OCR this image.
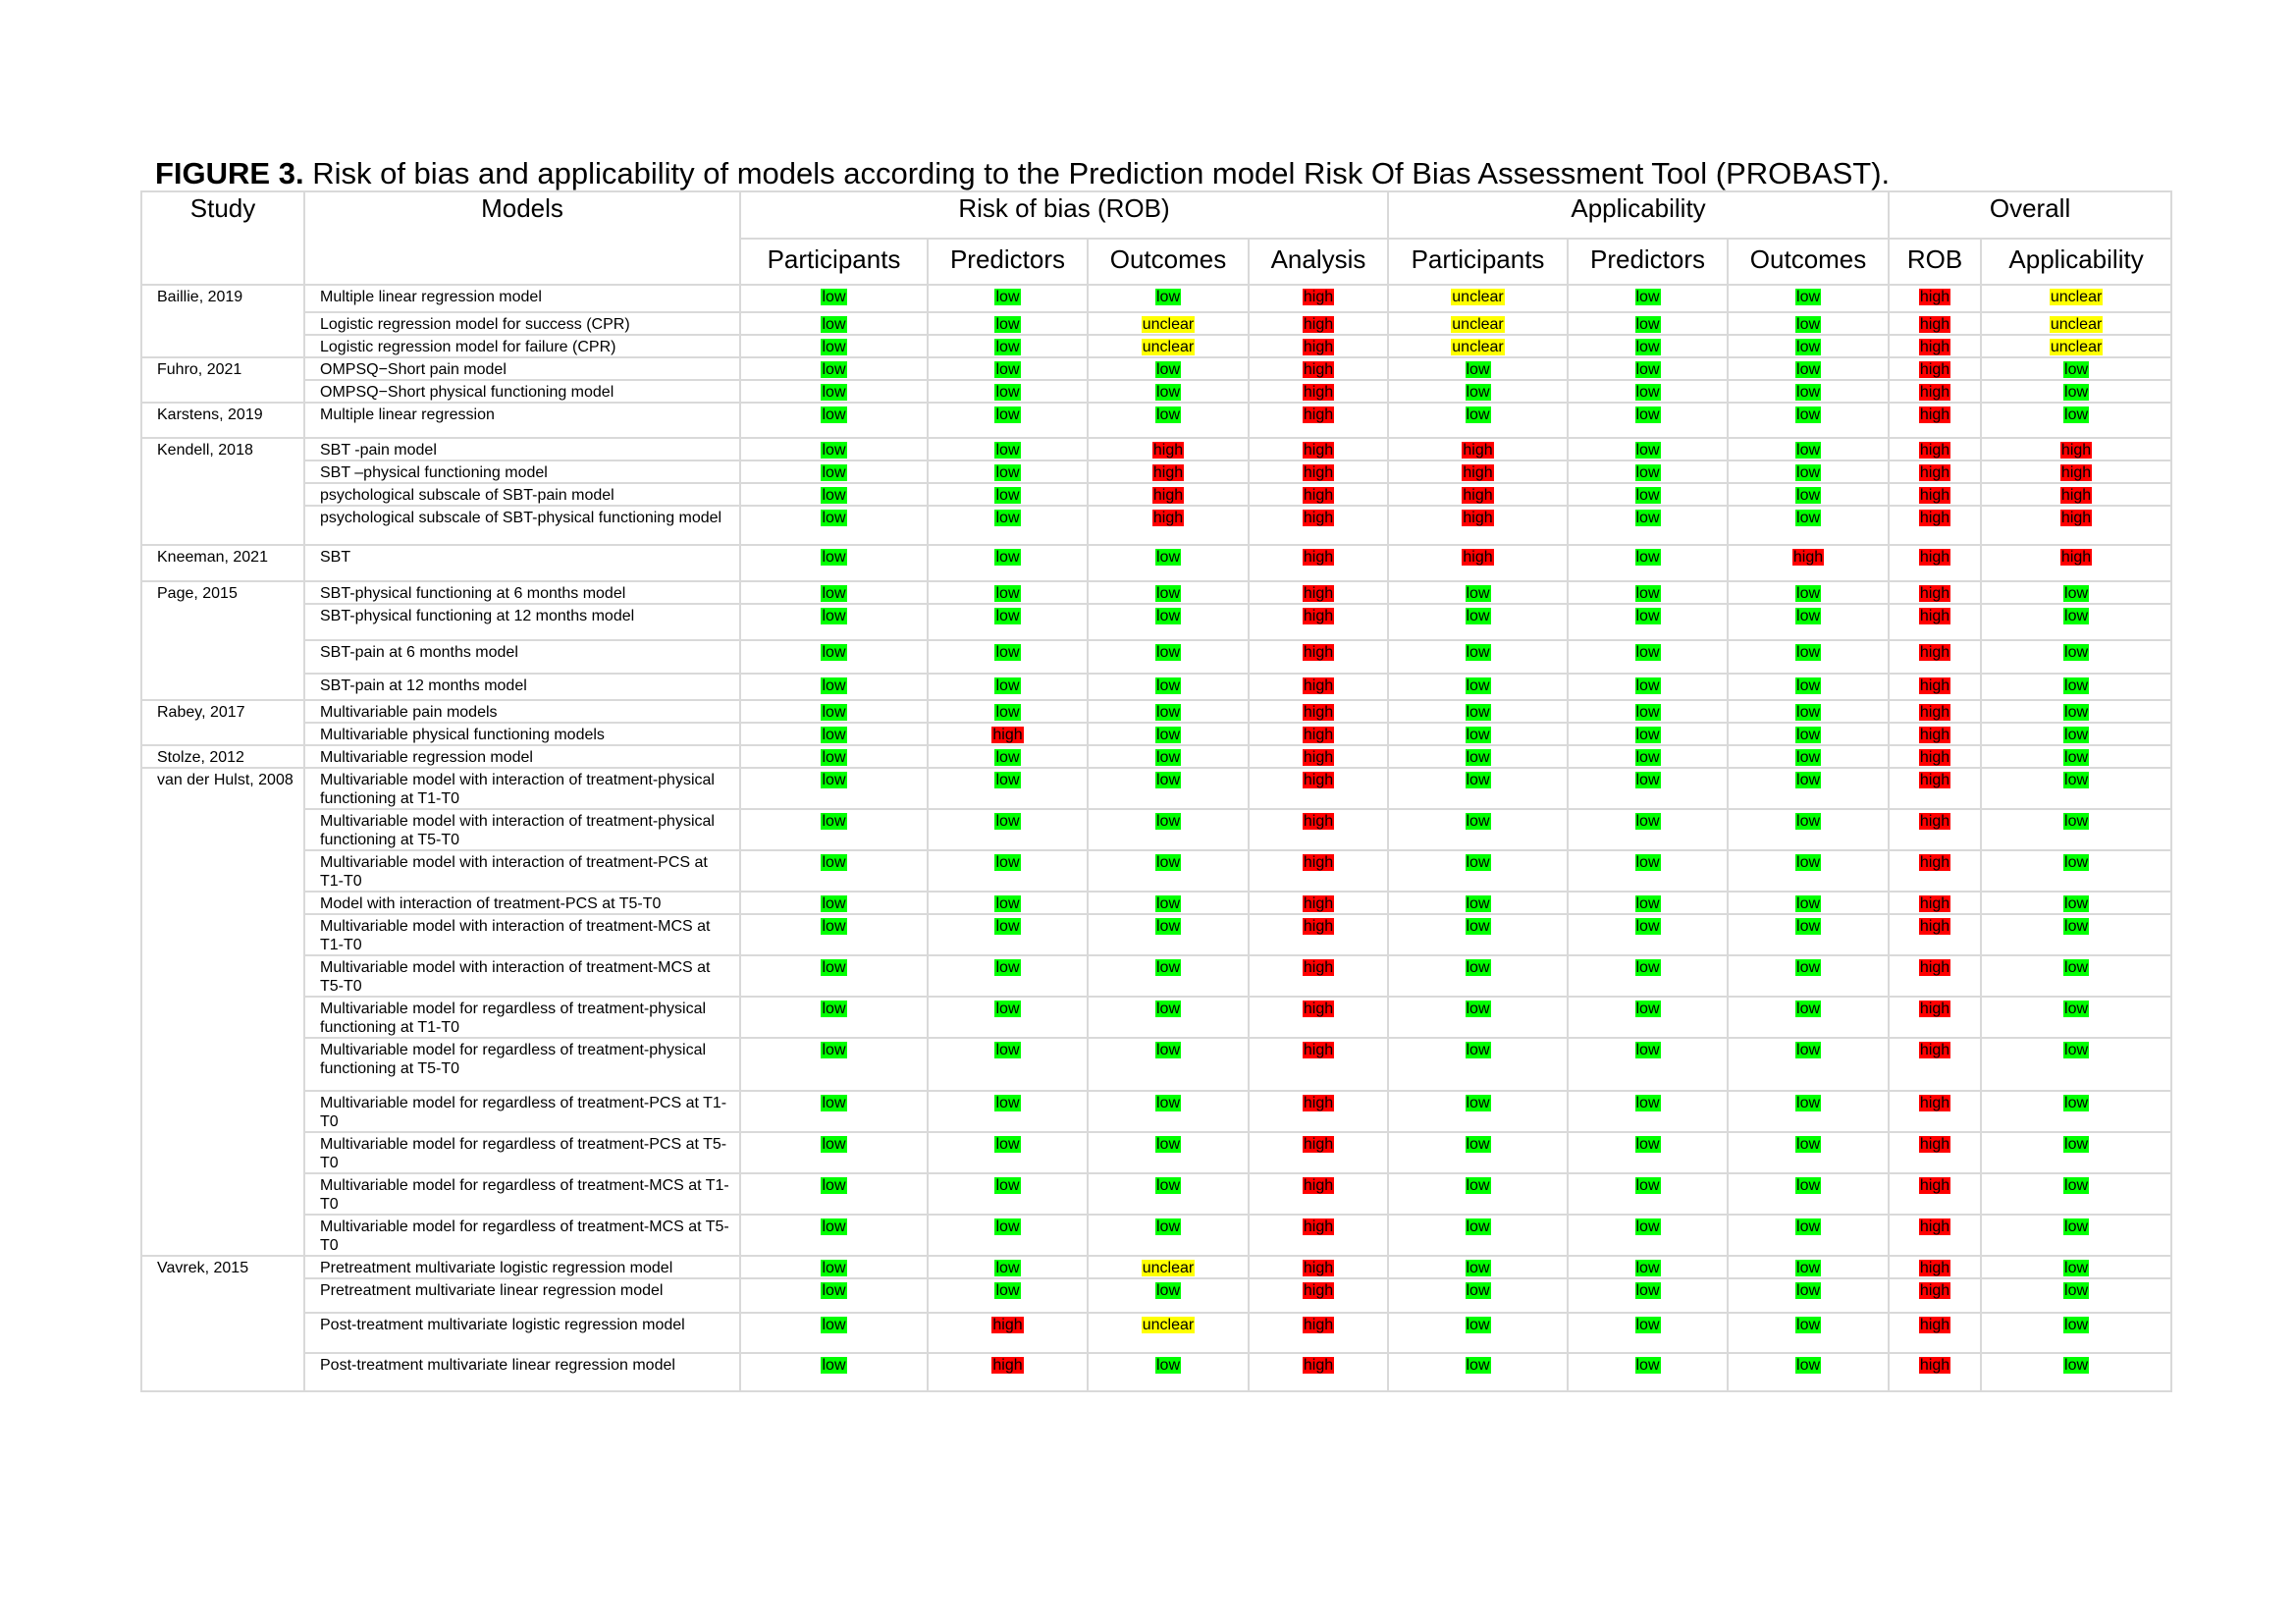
FIGURE 3. Risk of bias and applicability of models according to the Prediction model Risk Of Bias Assessment Tool (PROBAST).
Study	Models	Risk of bias (ROB)				Applicability			Overall	
		Participants	Predictors	Outcomes	Analysis	Participants	Predictors	Outcomes	ROB	Applicability
Baillie, 2019	Multiple linear regression model	low	low	low	high	unclear	low	low	high	unclear
	Logistic regression model for success (CPR)	low	low	unclear	high	unclear	low	low	high	unclear
	Logistic regression model for failure (CPR)	low	low	unclear	high	unclear	low	low	high	unclear
Fuhro, 2021	OMPSQ−Short pain model	low	low	low	high	low	low	low	high	low
	OMPSQ−Short physical functioning model	low	low	low	high	low	low	low	high	low
Karstens, 2019	Multiple linear regression	low	low	low	high	low	low	low	high	low
Kendell, 2018	SBT -pain model	low	low	high	high	high	low	low	high	high
	SBT –physical functioning model	low	low	high	high	high	low	low	high	high
	psychological subscale of SBT-pain model	low	low	high	high	high	low	low	high	high
	psychological subscale of SBT-physical functioning model	low	low	high	high	high	low	low	high	high
Kneeman, 2021	SBT	low	low	low	high	high	low	high	high	high
Page, 2015	SBT-physical functioning at 6 months model	low	low	low	high	low	low	low	high	low
	SBT-physical functioning at 12 months model	low	low	low	high	low	low	low	high	low
	SBT-pain at 6 months model	low	low	low	high	low	low	low	high	low
	SBT-pain at 12 months model	low	low	low	high	low	low	low	high	low
Rabey, 2017	Multivariable pain models	low	low	low	high	low	low	low	high	low
	Multivariable physical functioning models	low	high	low	high	low	low	low	high	low
Stolze, 2012	Multivariable regression model	low	low	low	high	low	low	low	high	low
van der Hulst, 2008	Multivariable model with interaction of treatment-physical functioning at T1-T0	low	low	low	high	low	low	low	high	low
	Multivariable model with interaction of treatment-physical functioning at T5-T0	low	low	low	high	low	low	low	high	low
	Multivariable model with interaction of treatment-PCS at T1-T0	low	low	low	high	low	low	low	high	low
	Model with interaction of treatment-PCS at T5-T0	low	low	low	high	low	low	low	high	low
	Multivariable model with interaction of treatment-MCS at T1-T0	low	low	low	high	low	low	low	high	low
	Multivariable model with interaction of treatment-MCS at T5-T0	low	low	low	high	low	low	low	high	low
	Multivariable model for regardless of treatment-physical functioning at T1-T0	low	low	low	high	low	low	low	high	low
	Multivariable model for regardless of treatment-physical functioning at T5-T0	low	low	low	high	low	low	low	high	low
	Multivariable model for regardless of treatment-PCS at T1-T0	low	low	low	high	low	low	low	high	low
	Multivariable model for regardless of treatment-PCS at T5-T0	low	low	low	high	low	low	low	high	low
	Multivariable model for regardless of treatment-MCS at T1-T0	low	low	low	high	low	low	low	high	low
	Multivariable model for regardless of treatment-MCS at T5-T0	low	low	low	high	low	low	low	high	low
Vavrek, 2015	Pretreatment multivariate logistic regression model	low	low	unclear	high	low	low	low	high	low
	Pretreatment multivariate linear regression model	low	low	low	high	low	low	low	high	low
	Post-treatment multivariate logistic regression model	low	high	unclear	high	low	low	low	high	low
	Post-treatment multivariate linear regression model	low	high	low	high	low	low	low	high	low
